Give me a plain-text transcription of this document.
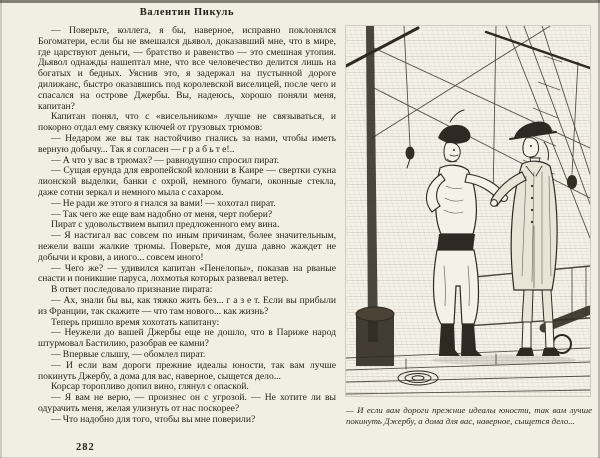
Валентин Пикуль

— Поверьте, коллега, я бы, наверное, исправно поклонялся Богоматери, если бы не вмешался дьявол, доказавший мне, что в мире, где царствуют деньги, — братство и равенство — это смешная утопия. Дьявол однажды нашептал мне, что все человечество делится лишь на богатых и бедных. Уяснив это, я задержал на пустынной дороге дилижанс, быстро оказавшись под королевской виселицей, после чего и спасался на острове Джербы. Вы, надеюсь, хорошо поняли меня, капитан?

Капитан понял, что с «висельником» лучше не связываться, и покорно отдал ему связку ключей от грузовых трюмов:

— Недаром же вы так настойчиво гнались за нами, чтобы иметь верную добычу... Так я согласен — г р а б ь т е!..

— А что у вас в трюмах? — равнодушно спросил пират.

— Сущая ерунда для европейской колонии в Каире — свертки сукна лионской выделки, банки с охрой, немного бумаги, оконные стекла, даже сотни зеркал и немного мыла с сахаром.

— Не ради же этого я гнался за вами! — хохотал пират.

— Так чего же еще вам надобно от меня, черт побери?

Пират с удовольствием выпил предложенного ему вина.

— Я настигал вас совсем по иным причинам, более значительным, нежели ваши жалкие трюмы. Поверьте, моя душа давно жаждет не добычи и крови, а иного... совсем иного!

— Чего же? — удивился капитан «Пенелопы», показав на рваные снасти и поникшие паруса, лохмотья которых развевал ветер.

В ответ последовало признание пирата:

— Ах, знали бы вы, как тяжко жить без... г а з е т. Если вы прибыли из Франции, так скажите — что там нового... как жизнь?

Теперь пришло время хохотать капитану:

— Неужели до вашей Джербы еще не дошло, что в Париже народ штурмовал Бастилию, разобрав ее камни?

— Впервые слышу, — обомлел пират.

— И если вам дороги прежние идеалы юности, так вам лучше покинуть Джербу, а дома для вас, наверное, сыщется дело...

Корсар торопливо допил вино, глянул с опаской.

— Я вам не верю, — произнес он с угрозой. — Не хотите ли вы одурачить меня, желая улизнуть от нас поскорее?

— Что надобно для того, чтобы вы мне поверили?

— И если вам дороги прежние идеалы юности, так вам лучше покинуть Джербу, а дома для вас, наверное, сыщется дело...
282
